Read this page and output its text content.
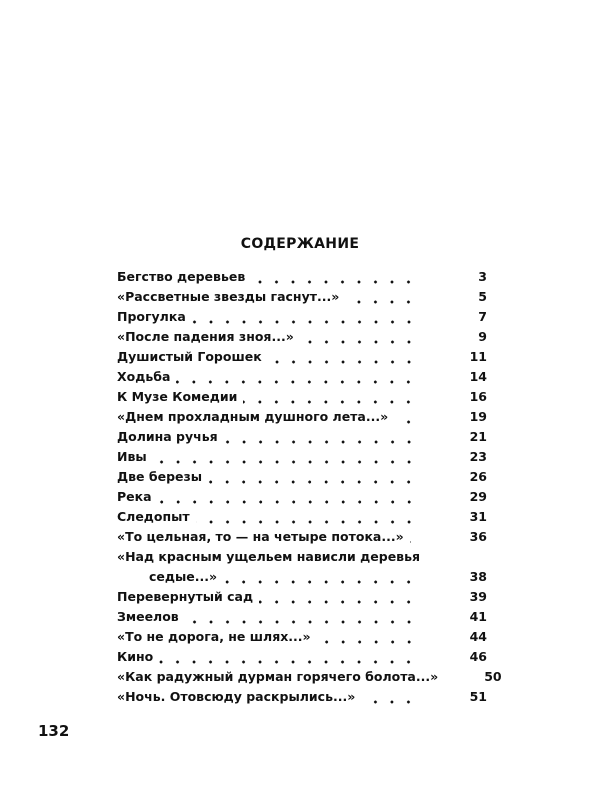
СОДЕРЖАНИЕ
Бегство деревьев	3
«Рассветные звезды гаснут...»	5
Прогулка	7
«После падения зноя...»	9
Душистый Горошек	11
Ходьба	14
К Музе Комедии	16
«Днем прохладным душного лета...»	19
Долина ручья	21
Ивы	23
Две березы	26
Река	29
Следопыт	31
«То цельная, то — на четыре потока...»	36
«Над красным ущельем нависли деревья
седые...»	38
Перевернутый сад	39
Змеелов	41
«То не дорога, не шлях...»	44
Кино	46
«Как радужный дурман горячего болота...»	50
«Ночь. Отовсюду раскрылись...»	51
132
